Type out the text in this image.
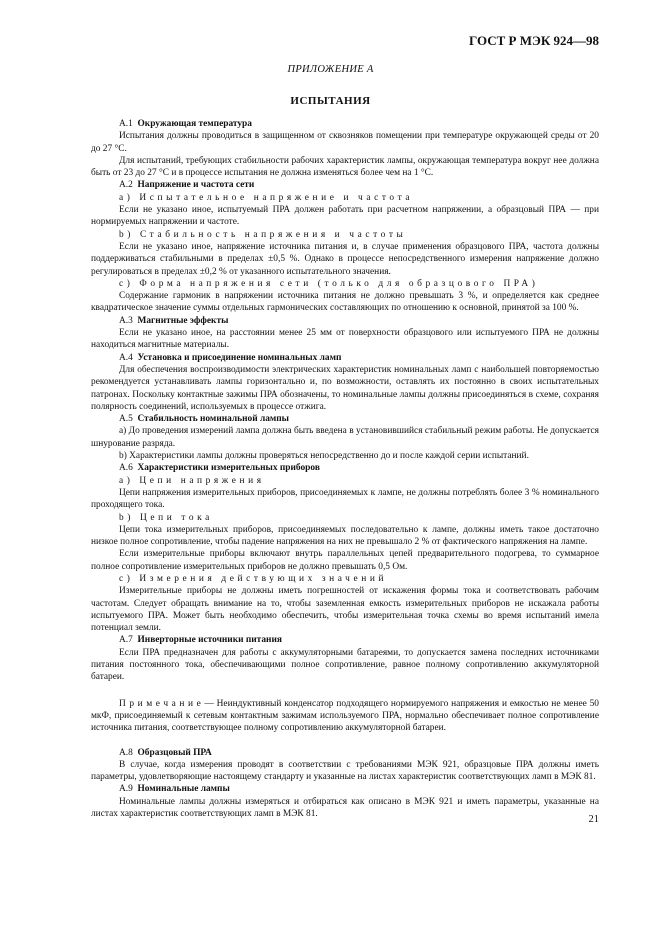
ГОСТ Р МЭК 924—98
ПРИЛОЖЕНИЕ А
ИСПЫТАНИЯ

А.1 Окружающая температура

Испытания должны проводиться в защищенном от сквозняков помещении при температуре окружающей среды от 20 до 27 °С.

Для испытаний, требующих стабильности рабочих характеристик лампы, окружающая температура вокруг нее должна быть от 23 до 27 °С и в процессе испытания не должна изменяться более чем на 1 °С.

А.2 Напряжение и частота сети

а) Испытательное напряжение и частота

Если не указано иное, испытуемый ПРА должен работать при расчетном напряжении, а образцовый ПРА — при нормируемых напряжении и частоте.

b) Стабильность напряжения и частоты

Если не указано иное, напряжение источника питания и, в случае применения образцового ПРА, частота должны поддерживаться стабильными в пределах ±0,5 %. Однако в процессе непосредственного измерения напряжение должно регулироваться в пределах ±0,2 % от указанного испытательного значения.

с) Форма напряжения сети (только для образцового ПРА)

Содержание гармоник в напряжении источника питания не должно превышать 3 %, и определяется как среднее квадратическое значение суммы отдельных гармонических составляющих по отношению к основной, принятой за 100 %.

А.3 Магнитные эффекты

Если не указано иное, на расстоянии менее 25 мм от поверхности образцового или испытуемого ПРА не должны находиться магнитные материалы.

А.4 Установка и присоединение номинальных ламп

Для обеспечения воспроизводимости электрических характеристик номинальных ламп с наибольшей повторяемостью рекомендуется устанавливать лампы горизонтально и, по возможности, оставлять их постоянно в своих испытательных патронах. Поскольку контактные зажимы ПРА обозначены, то номинальные лампы должны присоединяться в схеме, сохраняя полярность соединений, используемых в процессе отжига.

А.5 Стабильность номинальной лампы

а) До проведения измерений лампа должна быть введена в установившийся стабильный режим работы. Не допускается шнурование разряда.

b) Характеристики лампы должны проверяться непосредственно до и после каждой серии испытаний.

А.6 Характеристики измерительных приборов

а) Цепи напряжения

Цепи напряжения измерительных приборов, присоединяемых к лампе, не должны потреблять более 3 % номинального проходящего тока.

b) Цепи тока

Цепи тока измерительных приборов, присоединяемых последовательно к лампе, должны иметь такое достаточно низкое полное сопротивление, чтобы падение напряжения на них не превышало 2 % от фактического напряжения на лампе.

Если измерительные приборы включают внутрь параллельных цепей предварительного подогрева, то суммарное полное сопротивление измерительных приборов не должно превышать 0,5 Ом.

с) Измерения действующих значений

Измерительные приборы не должны иметь погрешностей от искажения формы тока и соответствовать рабочим частотам. Следует обращать внимание на то, чтобы заземленная емкость измерительных приборов не искажала работы испытуемого ПРА. Может быть необходимо обеспечить, чтобы измерительная точка схемы во время испытаний имела потенциал земли.

А.7 Инверторные источники питания

Если ПРА предназначен для работы с аккумуляторными батареями, то допускается замена последних источниками питания постоянного тока, обеспечивающими полное сопротивление, равное полному сопротивлению аккумуляторной батареи.

Примечание— Неиндуктивный конденсатор подходящего нормируемого напряжения и емкостью не менее 50 мкФ, присоединяемый к сетевым контактным зажимам используемого ПРА, нормально обеспечивает полное сопротивление источника питания, соответствующее полному сопротивлению аккумуляторной батареи.

А.8 Образцовый ПРА

В случае, когда измерения проводят в соответствии с требованиями МЭК 921, образцовые ПРА должны иметь параметры, удовлетворяющие настоящему стандарту и указанные на листах характеристик соответствующих ламп в МЭК 81.

А.9 Номинальные лампы

Номинальные лампы должны измеряться и отбираться как описано в МЭК 921 и иметь параметры, указанные на листах характеристик соответствующих ламп в МЭК 81.	21
